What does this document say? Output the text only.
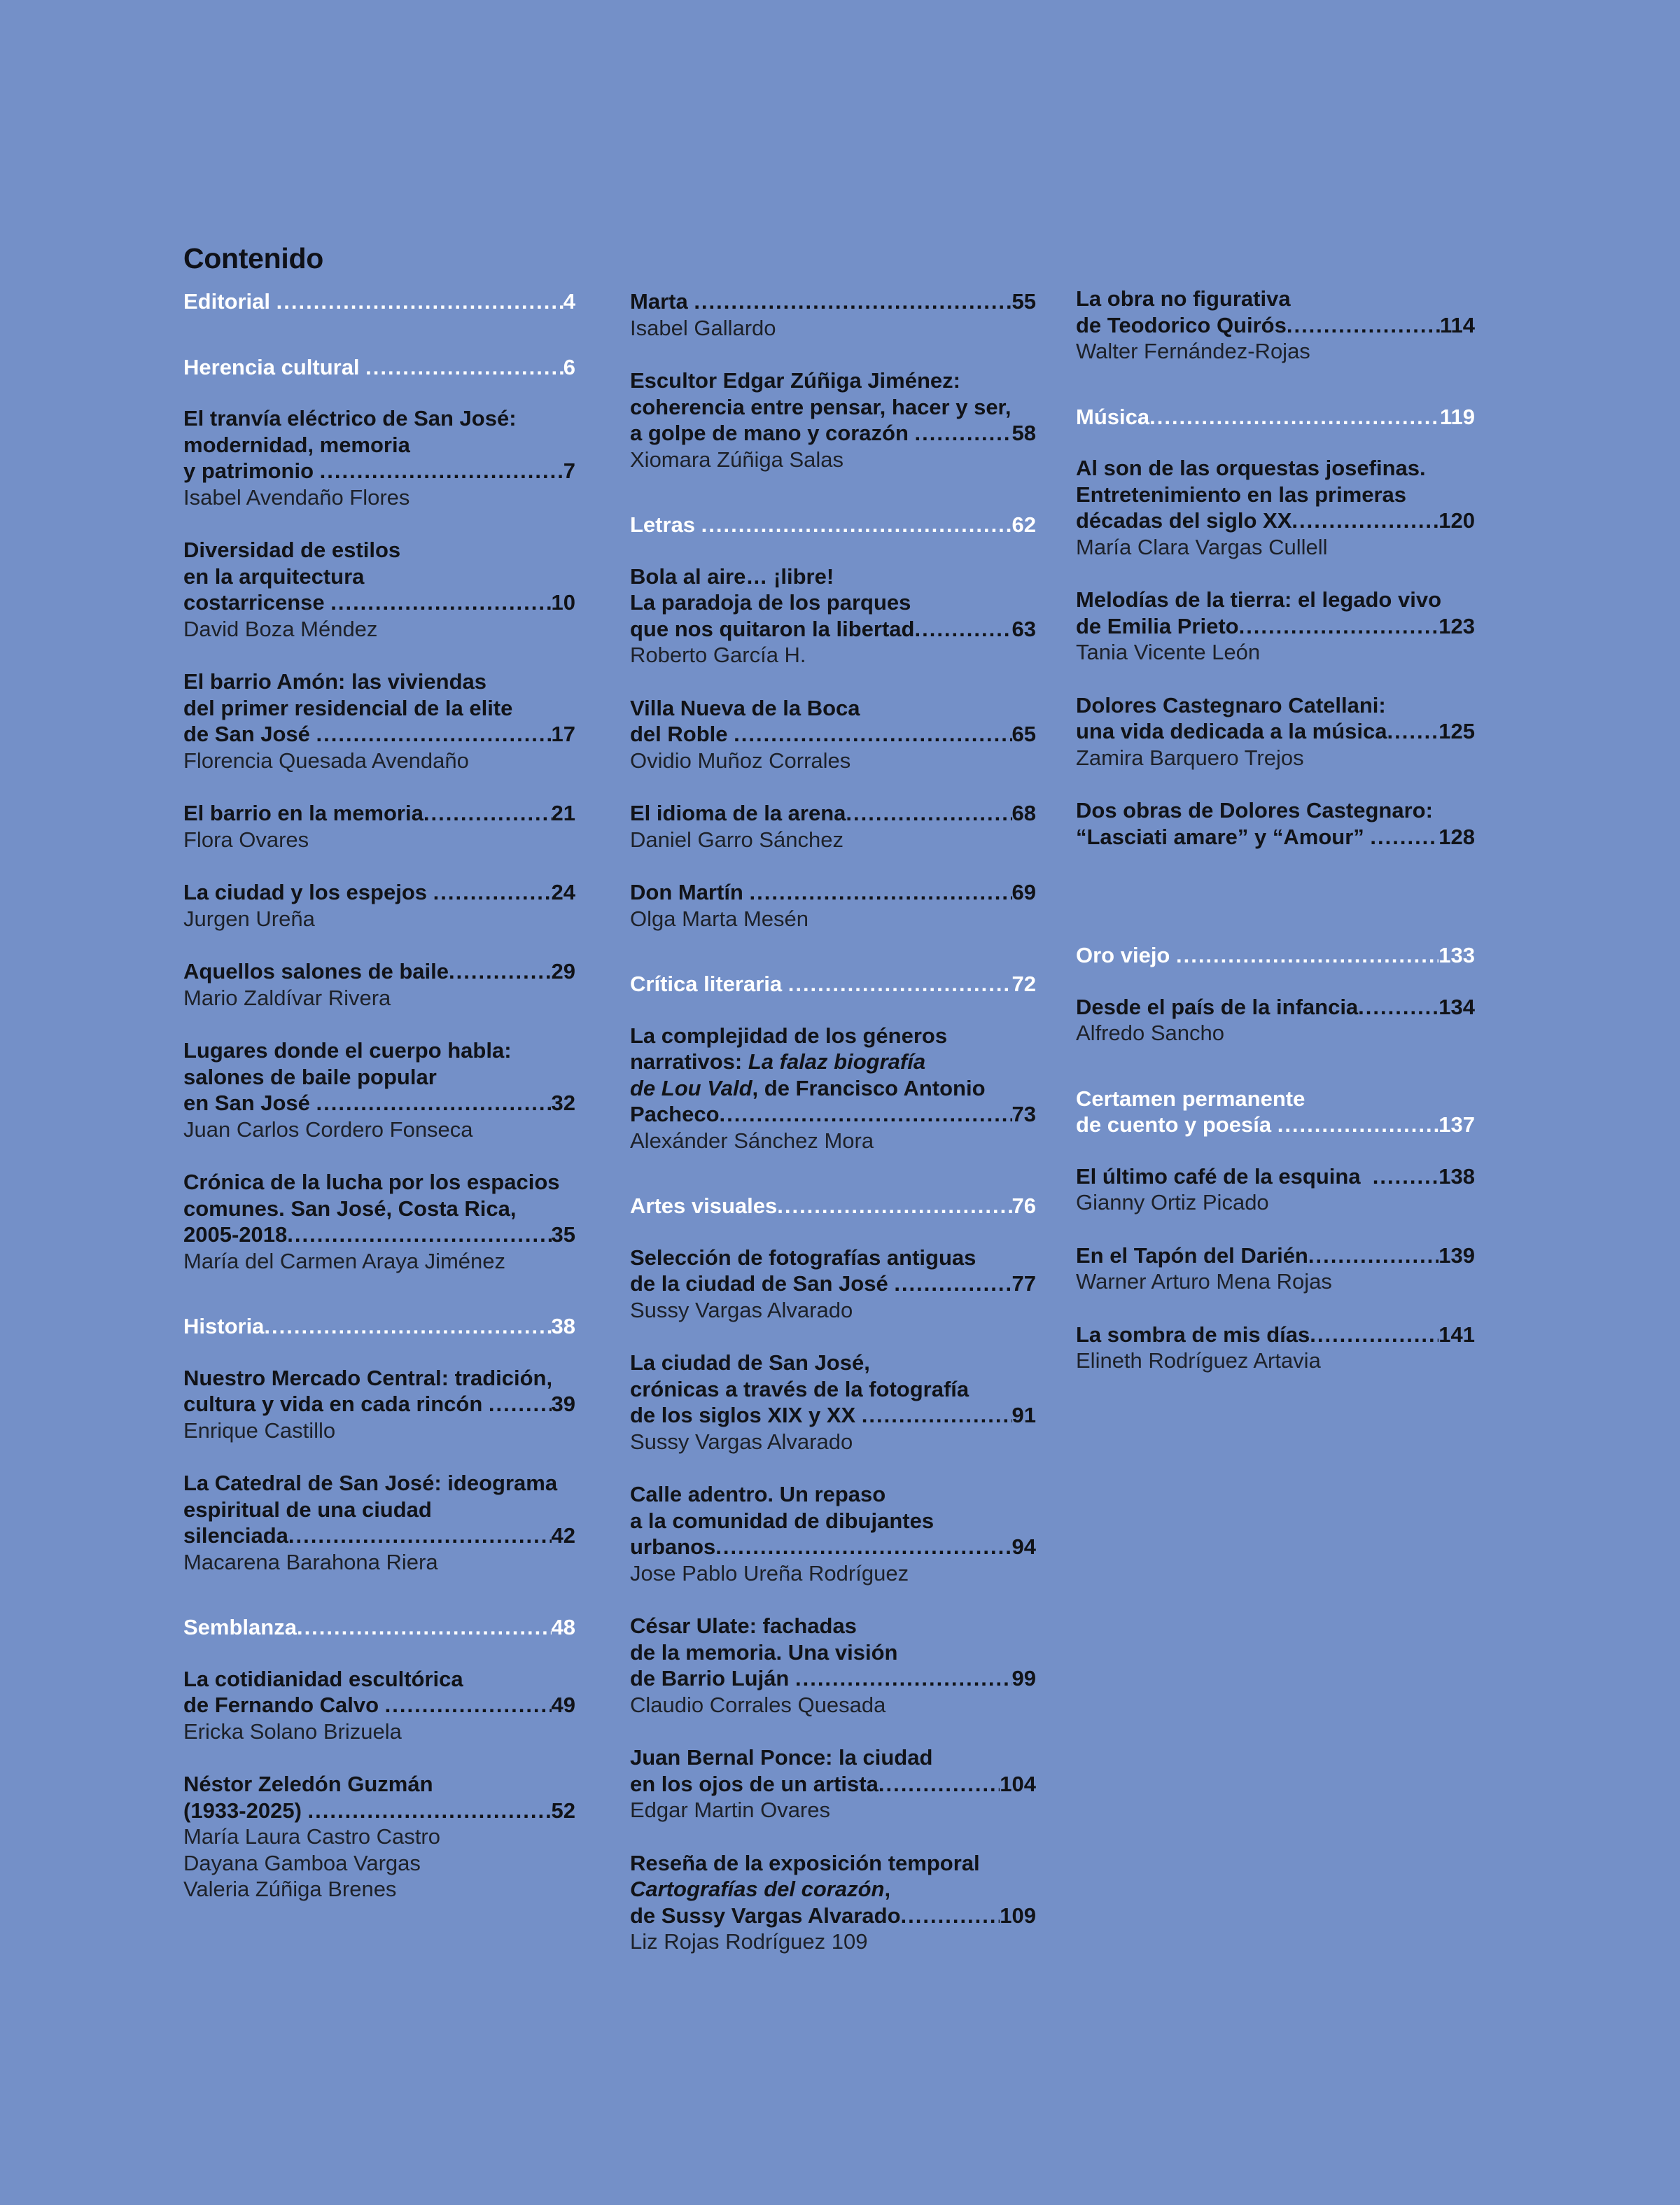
Contenido
Editorial .....	4
Herencia cultural .....	6
El tranvía eléctrico de San José:
modernidad, memoria
y patrimonio .....	7
Isabel Avendaño Flores
Diversidad de estilos
en la arquitectura
costarricense .....	10
David Boza Méndez
El barrio Amón: las viviendas
del primer residencial de la elite
de San José .....	17
Florencia Quesada Avendaño
El barrio en la memoria .....	21
Flora Ovares
La ciudad y los espejos .....	24
Jurgen Ureña
Aquellos salones de baile .....	29
Mario Zaldívar Rivera
Lugares donde el cuerpo habla:
salones de baile popular
en San José .....	32
Juan Carlos Cordero Fonseca
Crónica de la lucha por los espacios
comunes. San José, Costa Rica,
2005-2018 .....	35
María del Carmen Araya Jiménez
Historia .....	38
Nuestro Mercado Central: tradición,
cultura y vida en cada rincón .....	39
Enrique Castillo
La Catedral de San José: ideograma
espiritual de una ciudad
silenciada .....	42
Macarena Barahona Riera
Semblanza .....	48
La cotidianidad escultórica
de Fernando Calvo .....	49
Ericka Solano Brizuela
Néstor Zeledón Guzmán
(1933-2025) .....	52
María Laura Castro Castro
Dayana Gamboa Vargas
Valeria Zúñiga Brenes
Marta .....	55
Isabel Gallardo
Escultor Edgar Zúñiga Jiménez:
coherencia entre pensar, hacer y ser,
a golpe de mano y corazón .....	58
Xiomara Zúñiga Salas
Letras .....	62
Bola al aire… ¡libre!
La paradoja de los parques
que nos quitaron la libertad .....	63
Roberto García H.
Villa Nueva de la Boca
del Roble .....	65
Ovidio Muñoz Corrales
El idioma de la arena .....	68
Daniel Garro Sánchez
Don Martín .....	69
Olga Marta Mesén
Crítica literaria .....	72
La complejidad de los géneros
narrativos: La falaz biografía
de Lou Vald, de Francisco Antonio
Pacheco .....	73
Alexánder Sánchez Mora
Artes visuales .....	76
Selección de fotografías antiguas
de la ciudad de San José .....	77
Sussy Vargas Alvarado
La ciudad de San José,
crónicas a través de la fotografía
de los siglos XIX y XX .....	91
Sussy Vargas Alvarado
Calle adentro. Un repaso
a la comunidad de dibujantes
urbanos .....	94
Jose Pablo Ureña Rodríguez
César Ulate: fachadas
de la memoria. Una visión
de Barrio Luján .....	99
Claudio Corrales Quesada
Juan Bernal Ponce: la ciudad
en los ojos de un artista .....	104
Edgar Martin Ovares
Reseña de la exposición temporal
Cartografías del corazón,
de Sussy Vargas Alvarado .....	109
Liz Rojas Rodríguez 109
La obra no figurativa
de Teodorico Quirós .....	114
Walter Fernández-Rojas
Música .....	119
Al son de las orquestas josefinas.
Entretenimiento en las primeras
décadas del siglo XX .....	120
María Clara Vargas Cullell
Melodías de la tierra: el legado vivo
de Emilia Prieto .....	123
Tania Vicente León
Dolores Castegnaro Catellani:
una vida dedicada a la música ..... 125
Zamira Barquero Trejos
Dos obras de Dolores Castegnaro:
“Lasciati amare” y “Amour” .....	128
Oro viejo .....	133
Desde el país de la infancia .....	134
Alfredo Sancho
Certamen permanente
de cuento y poesía .....	137
El último café de la esquina .....	138
Gianny Ortiz Picado
En el Tapón del Darién .....	139
Warner Arturo Mena Rojas
La sombra de mis días .....	141
Elineth Rodríguez Artavia
